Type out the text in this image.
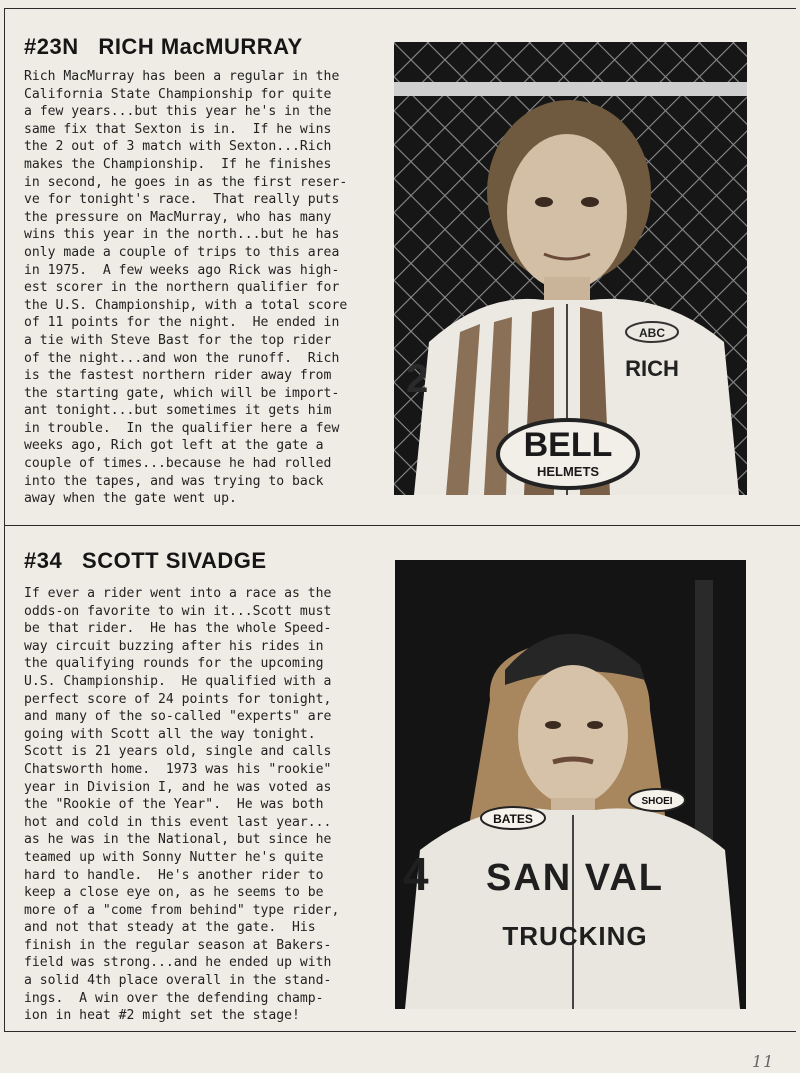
#23N   RICH MacMURRAY
Rich MacMurray has been a regular in the
California State Championship for quite
a few years...but this year he's in the
same fix that Sexton is in.  If he wins
the 2 out of 3 match with Sexton...Rich
makes the Championship.  If he finishes
in second, he goes in as the first reser-
ve for tonight's race.  That really puts
the pressure on MacMurray, who has many
wins this year in the north...but he has
only made a couple of trips to this area
in 1975.  A few weeks ago Rick was high-
est scorer in the northern qualifier for
the U.S. Championship, with a total score
of 11 points for the night.  He ended in
a tie with Steve Bast for the top rider
of the night...and won the runoff.  Rich
is the fastest northern rider away from
the starting gate, which will be import-
ant tonight...but sometimes it gets him
in trouble.  In the qualifier here a few
weeks ago, Rich got left at the gate a
couple of times...because he had rolled
into the tapes, and was trying to back
away when the gate went up.
ABC
RICH
2
BELL
HELMETS
#34   SCOTT SIVADGE
If ever a rider went into a race as the
odds-on favorite to win it...Scott must
be that rider.  He has the whole Speed-
way circuit buzzing after his rides in
the qualifying rounds for the upcoming
U.S. Championship.  He qualified with a
perfect score of 24 points for tonight,
and many of the so-called "experts" are
going with Scott all the way tonight.
Scott is 21 years old, single and calls
Chatsworth home.  1973 was his "rookie"
year in Division I, and he was voted as
the "Rookie of the Year".  He was both
hot and cold in this event last year...
as he was in the National, but since he
teamed up with Sonny Nutter he's quite
hard to handle.  He's another rider to
keep a close eye on, as he seems to be
more of a "come from behind" type rider,
and not that steady at the gate.  His
finish in the regular season at Bakers-
field was strong...and he ended up with
a solid 4th place overall in the stand-
ings.  A win over the defending champ-
ion in heat #2 might set the stage!
BATES
SHOEI
4 SAN VAL
TRUCKING
11
